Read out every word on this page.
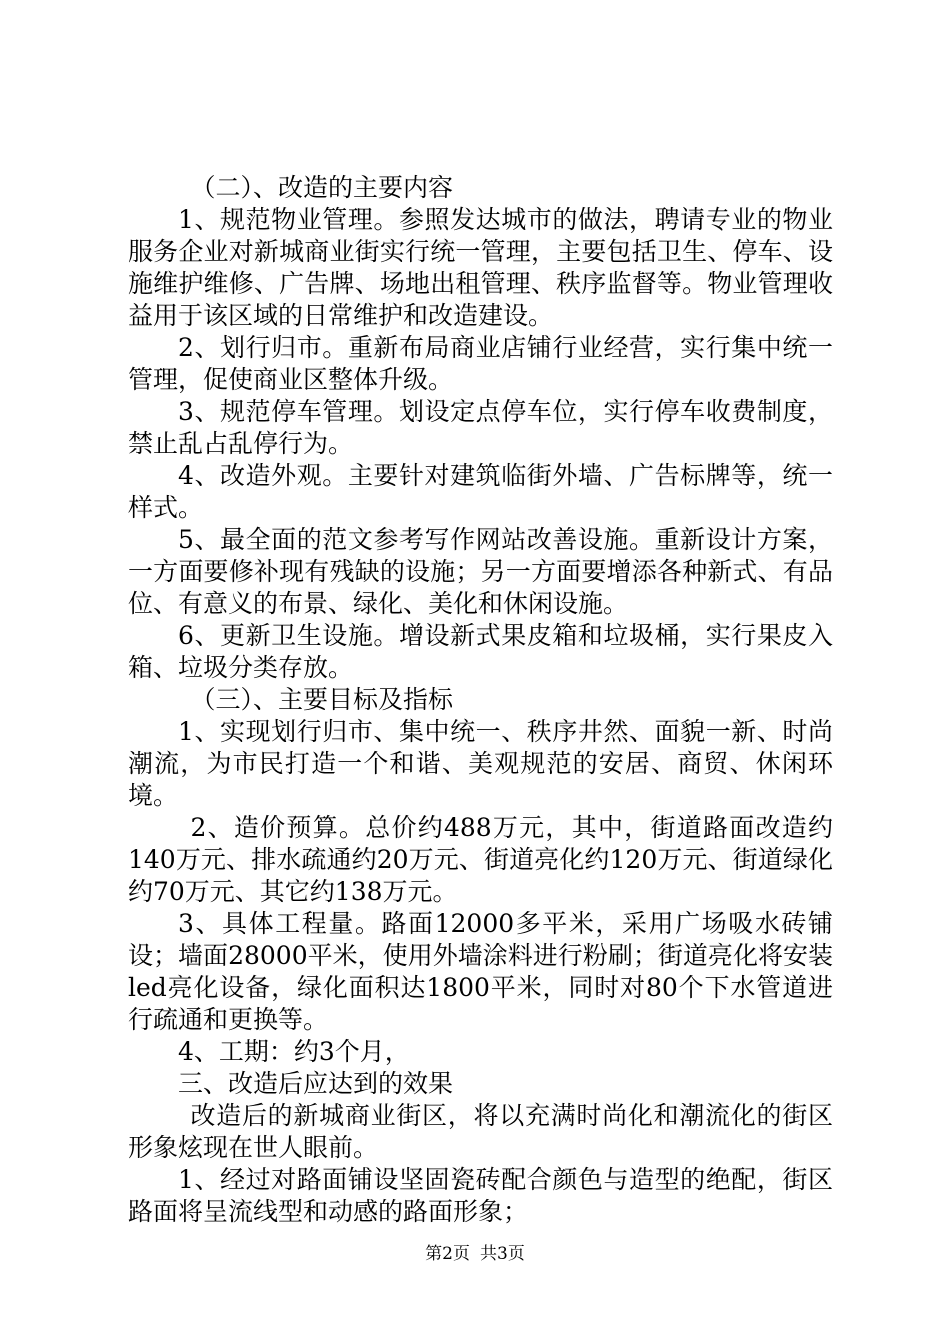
（二）、改造的主要内容

1、规范物业管理。参照发达城市的做法，聘请专业的物业服务企业对新城商业街实行统一管理，主要包括卫生、停车、设施维护维修、广告牌、场地出租管理、秩序监督等。物业管理收益用于该区域的日常维护和改造建设。

2、划行归市。重新布局商业店铺行业经营，实行集中统一管理，促使商业区整体升级。

3、规范停车管理。划设定点停车位，实行停车收费制度，禁止乱占乱停行为。

4、改造外观。主要针对建筑临街外墙、广告标牌等，统一样式。

5、最全面的范文参考写作网站改善设施。重新设计方案，一方面要修补现有残缺的设施；另一方面要增添各种新式、有品位、有意义的布景、绿化、美化和休闲设施。

6、更新卫生设施。增设新式果皮箱和垃圾桶，实行果皮入箱、垃圾分类存放。

（三）、主要目标及指标

1、实现划行归市、集中统一、秩序井然、面貌一新、时尚潮流，为市民打造一个和谐、美观规范的安居、商贸、休闲环境。

2、造价预算。总价约488万元，其中，街道路面改造约140万元、排水疏通约20万元、街道亮化约120万元、街道绿化约70万元、其它约138万元。

3、具体工程量。路面12000多平米，采用广场吸水砖铺设；墙面28000平米，使用外墙涂料进行粉刷；街道亮化将安装led亮化设备，绿化面积达1800平米，同时对80个下水管道进行疏通和更换等。

4、工期：约3个月，

三、改造后应达到的效果

改造后的新城商业街区，将以充满时尚化和潮流化的街区形象炫现在世人眼前。

1、经过对路面铺设坚固瓷砖配合颜色与造型的绝配，街区路面将呈流线型和动感的路面形象；

第2页 共3页
